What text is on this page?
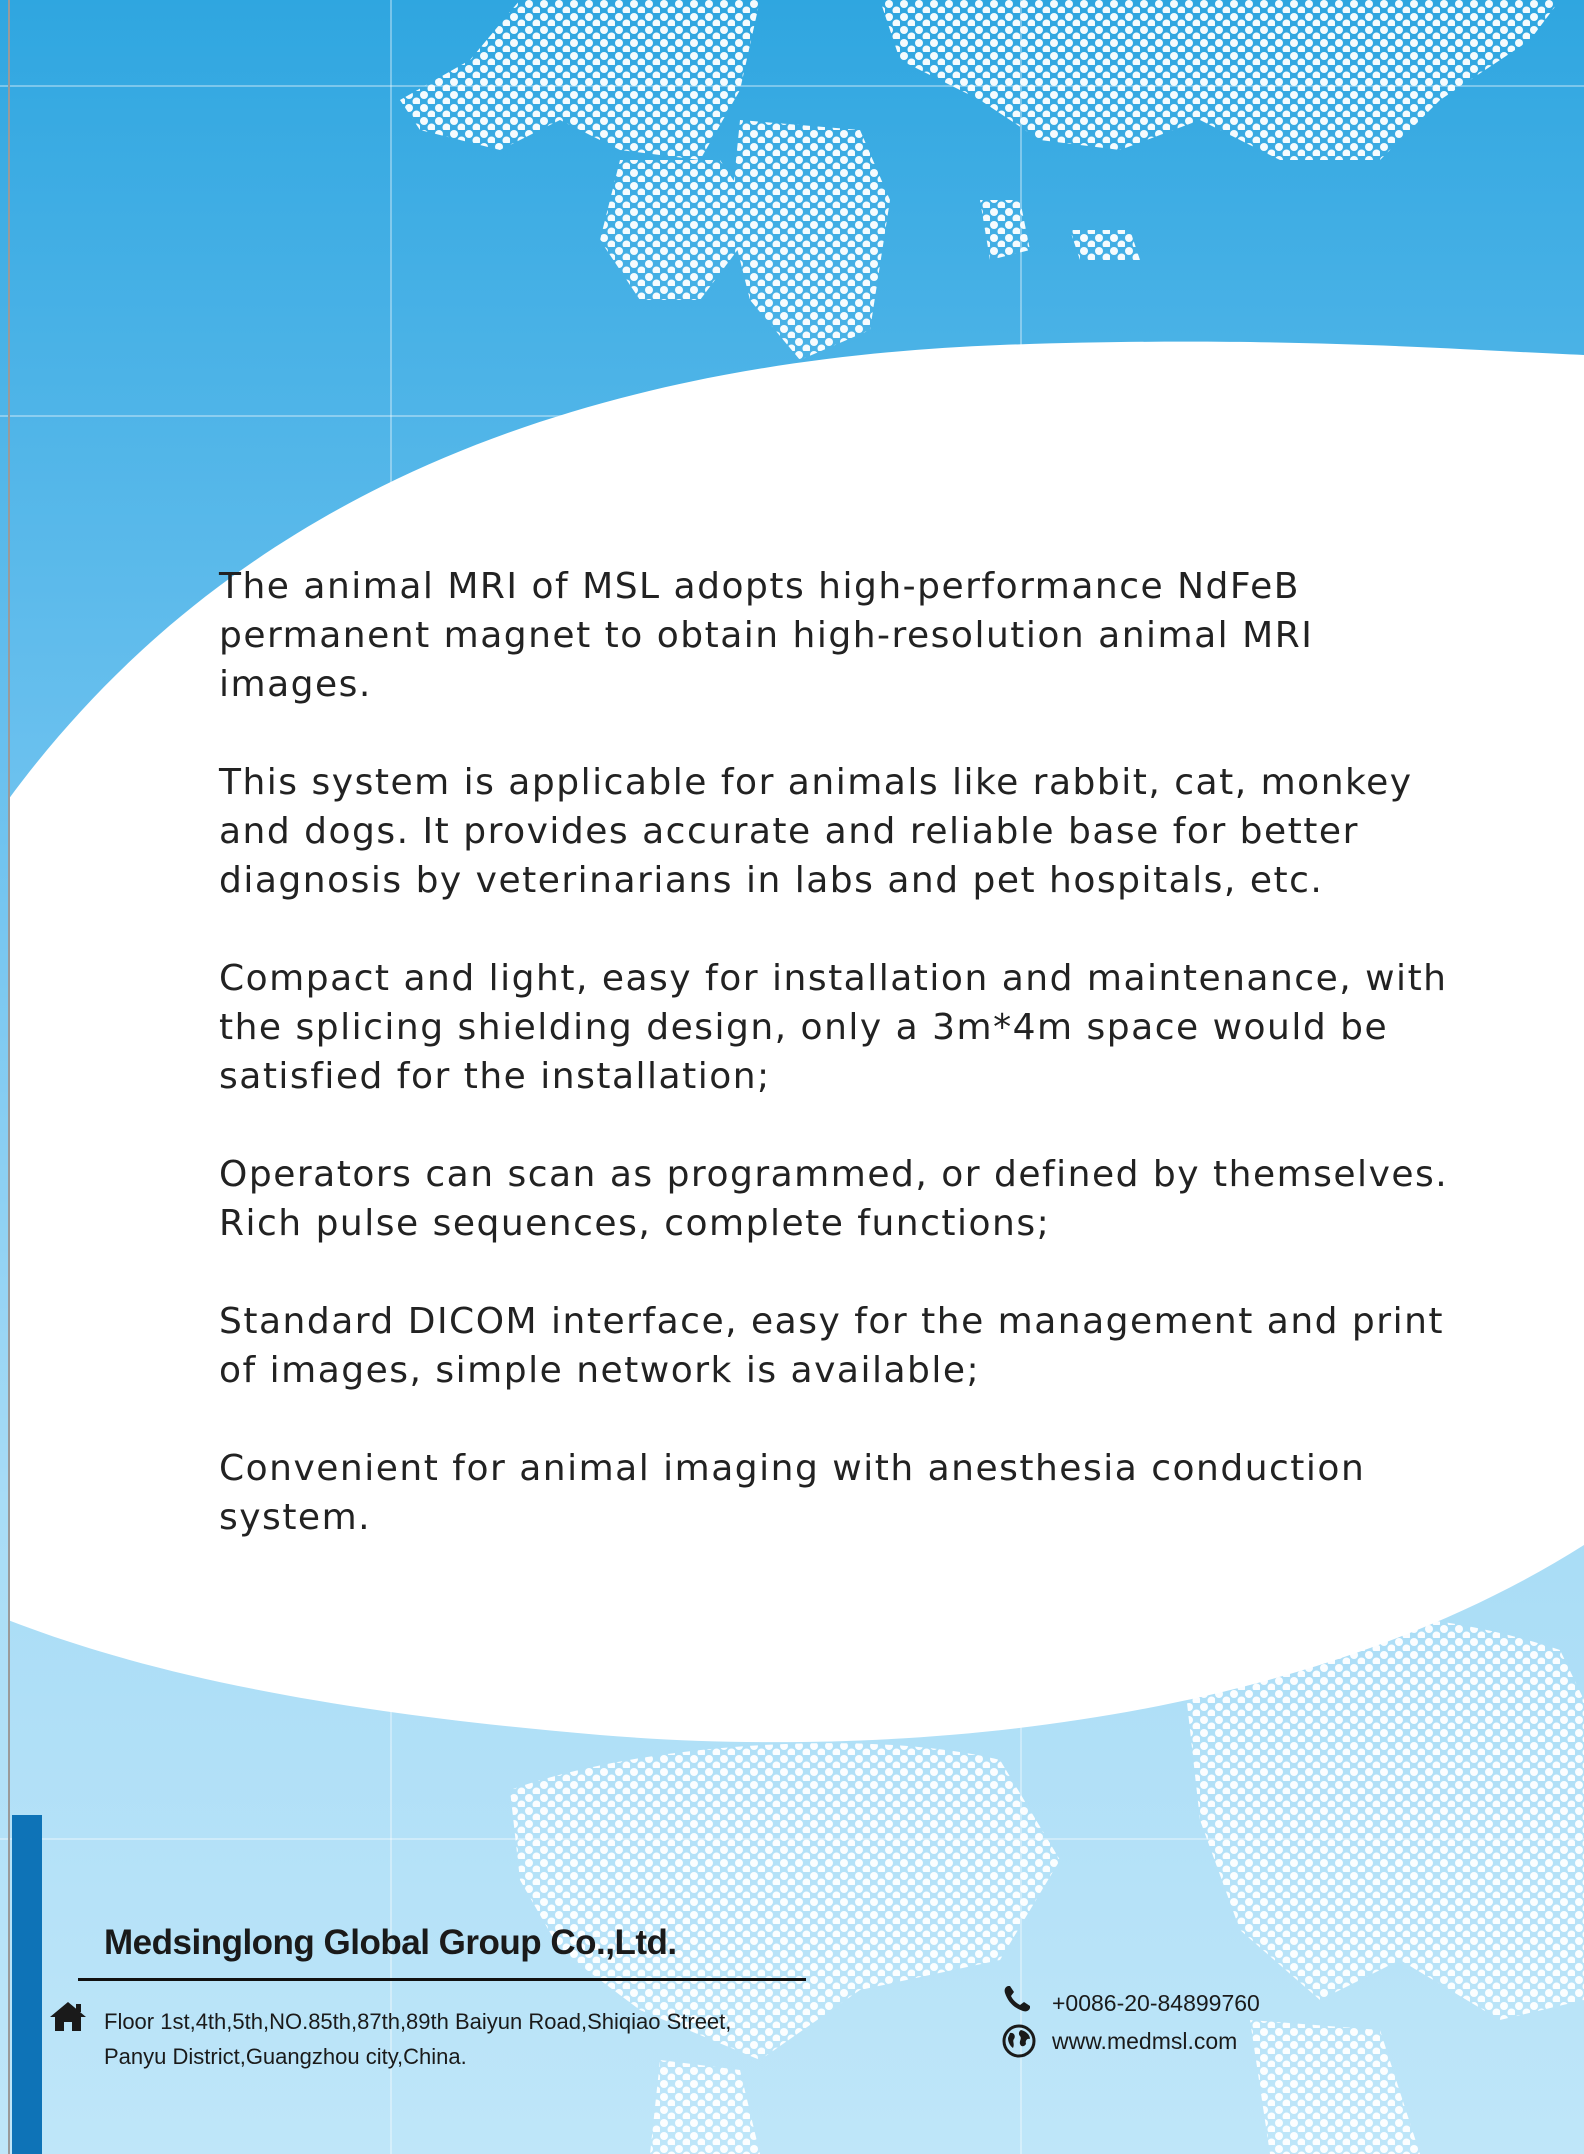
The animal MRI of MSL adopts high-performance NdFeB permanent magnet to obtain high-resolution animal MRI images.

This system is applicable for animals like rabbit, cat, monkey and dogs. It provides accurate and reliable base for better diagnosis by veterinarians in labs and pet hospitals, etc.

Compact and light, easy for installation and maintenance, with the splicing shielding design, only a 3m*4m space would be satisfied for the installation;

Operators can scan as programmed, or defined by themselves. Rich pulse sequences, complete functions;

Standard DICOM interface, easy for the management and print of images, simple network is available;

Convenient for animal imaging with anesthesia conduction system.

Medsinglong Global Group Co.,Ltd.
Floor 1st,4th,5th,NO.85th,87th,89th Baiyun Road,Shiqiao Street,
Panyu District,Guangzhou city,China.
+0086-20-84899760
www.medmsl.com
